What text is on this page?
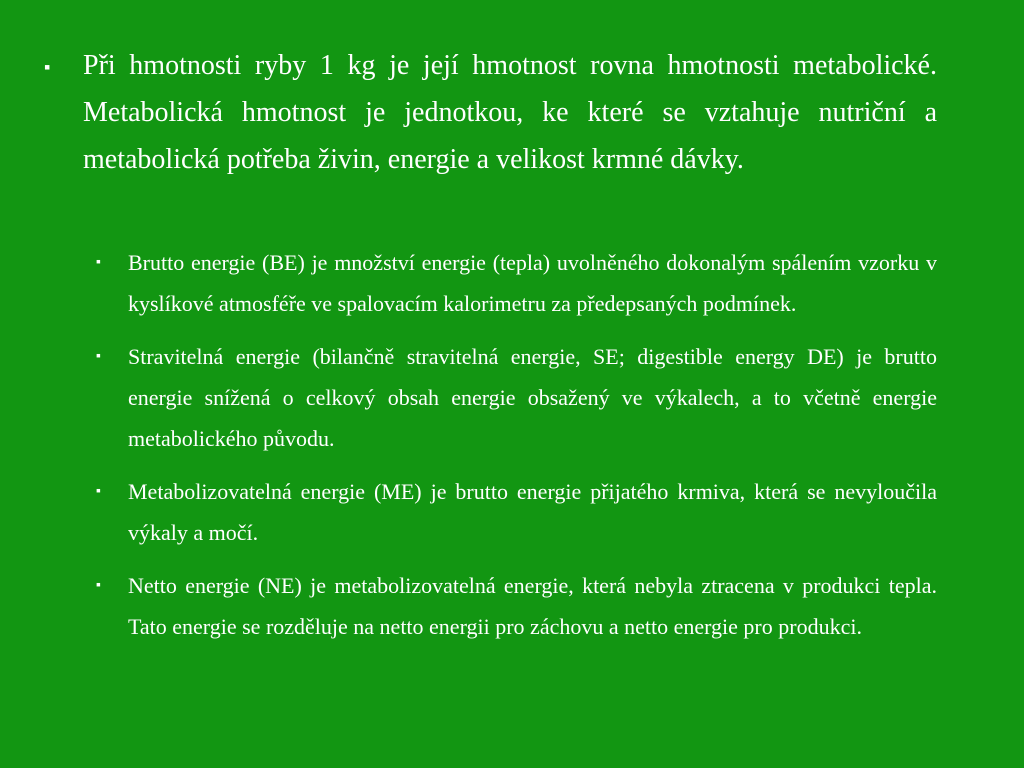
▪	Při hmotnosti ryby 1 kg je její hmotnost rovna hmotnosti metabolické. Metabolická hmotnost je jednotkou, ke které se vztahuje nutriční a metabolická potřeba živin, energie a velikost krmné dávky.
▪	Brutto energie (BE) je množství energie (tepla) uvolněného dokonalým spálením vzorku v kyslíkové atmosféře ve spalovacím kalorimetru za předepsaných podmínek.
▪	Stravitelná energie (bilančně stravitelná energie, SE; digestible energy DE) je brutto energie snížená o celkový obsah energie obsažený ve výkalech, a to včetně energie metabolického původu.
▪	Metabolizovatelná energie (ME) je brutto energie přijatého krmiva, která se nevyloučila výkaly a močí.
▪	Netto energie (NE) je metabolizovatelná energie, která nebyla ztracena v produkci tepla. Tato energie se rozděluje na netto energii pro záchovu a netto energie pro produkci.
